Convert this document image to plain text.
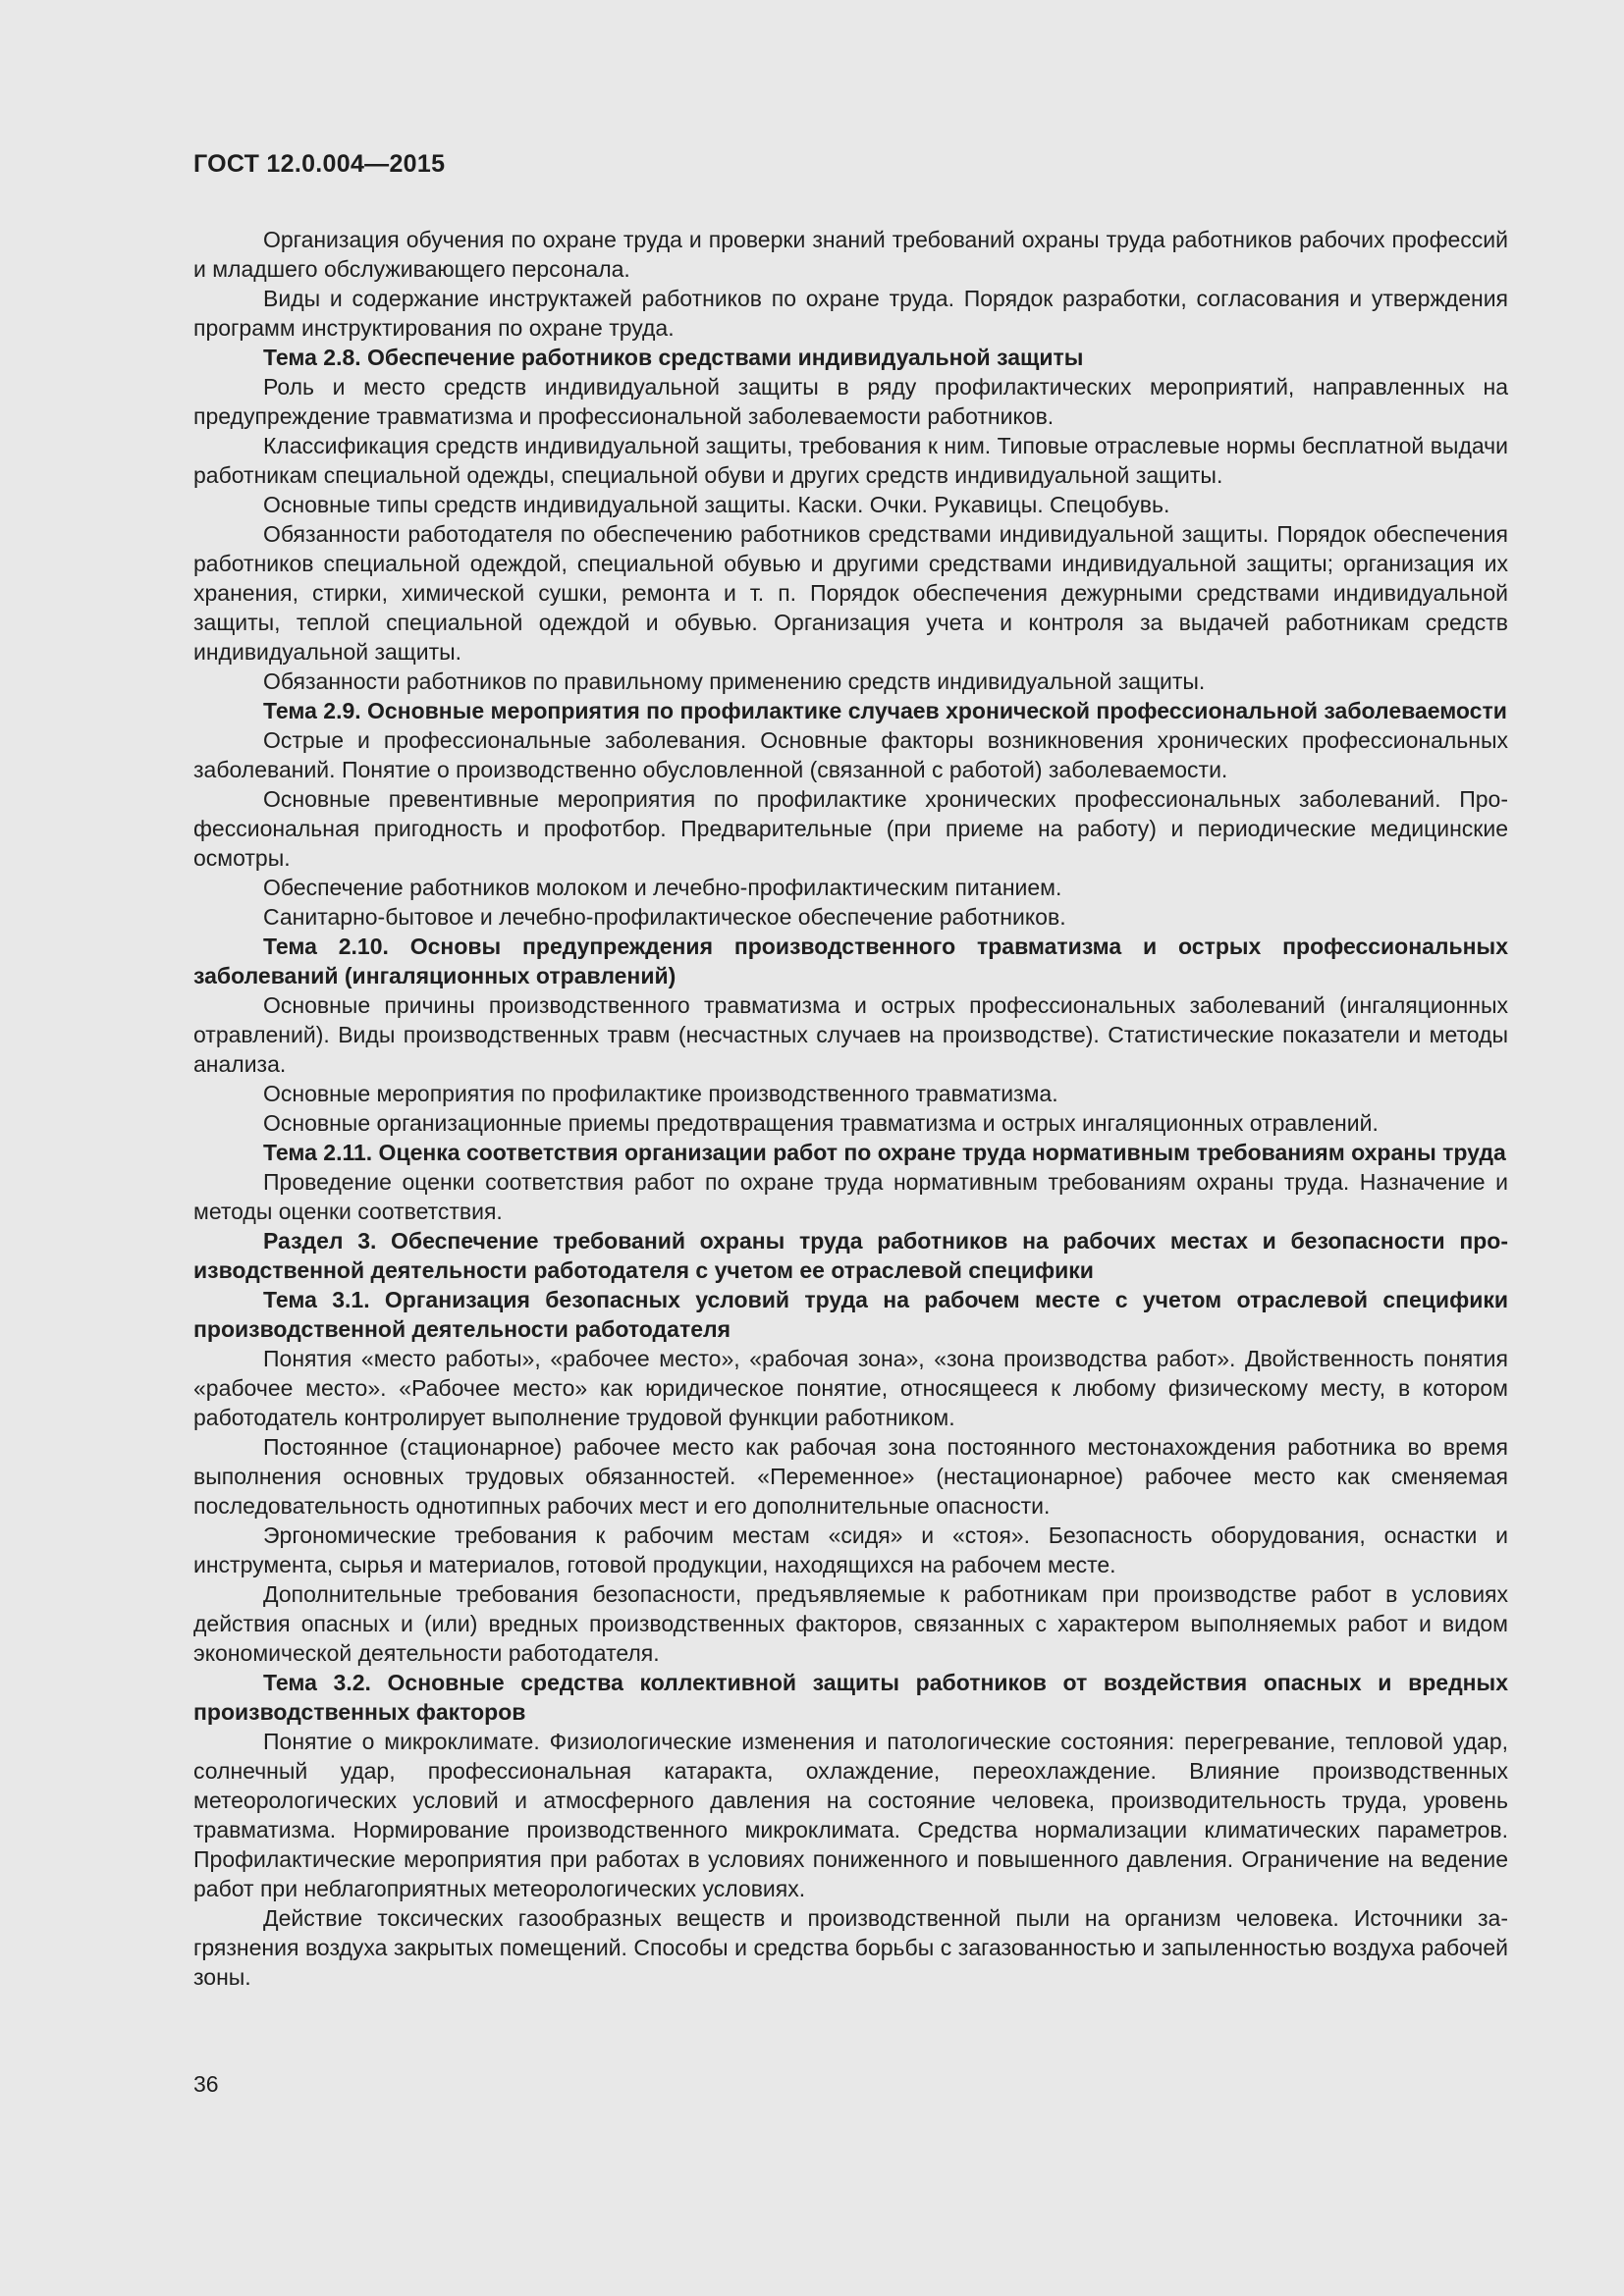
ГОСТ 12.0.004—2015

Организация обучения по охране труда и проверки знаний требований охраны труда работников рабочих профессий и младшего обслуживающего персонала.

Виды и содержание инструктажей работников по охране труда. Порядок разработки, согласования и утверждения программ инструктирования по охране труда.

Тема 2.8. Обеспечение работников средствами индивидуальной защиты

Роль и место средств индивидуальной защиты в ряду профилактических мероприятий, направленных на предупреждение травматизма и профессиональной заболеваемости работников.

Классификация средств индивидуальной защиты, требования к ним. Типовые отраслевые нормы бесплатной выдачи работникам специальной одежды, специальной обуви и других средств индивидуальной защиты.

Основные типы средств индивидуальной защиты. Каски. Очки. Рукавицы. Спецобувь.

Обязанности работодателя по обеспечению работников средствами индивидуальной защиты. Порядок обеспечения работников специальной одеждой, специальной обувью и другими средствами индивидуальной защиты; организация их хранения, стирки, химической сушки, ремонта и т. п. Порядок обеспечения дежурными средствами индивидуальной защиты, теплой специальной одеждой и обувью. Организация учета и контроля за выдачей работникам средств индивидуальной защиты.

Обязанности работников по правильному применению средств индивидуальной защиты.

Тема 2.9. Основные мероприятия по профилактике случаев хронической профессиональной заболеваемости

Острые и профессиональные заболевания. Основные факторы возникновения хронических профессиональных заболеваний. Понятие о производственно обусловленной (связанной с работой) заболеваемости.

Основные превентивные мероприятия по профилактике хронических профессиональных заболеваний. Профессиональная пригодность и профотбор. Предварительные (при приеме на работу) и периодические медицинские осмотры.

Обеспечение работников молоком и лечебно-профилактическим питанием.

Санитарно-бытовое и лечебно-профилактическое обеспечение работников.

Тема 2.10. Основы предупреждения производственного травматизма и острых профессиональных заболеваний (ингаляционных отравлений)

Основные причины производственного травматизма и острых профессиональных заболеваний (ингаляционных отравлений). Виды производственных травм (несчастных случаев на производстве). Статистические показатели и методы анализа.

Основные мероприятия по профилактике производственного травматизма.

Основные организационные приемы предотвращения травматизма и острых ингаляционных отравлений.

Тема 2.11. Оценка соответствия организации работ по охране труда нормативным требованиям охраны труда

Проведение оценки соответствия работ по охране труда нормативным требованиям охраны труда. Назначение и методы оценки соответствия.

Раздел 3. Обеспечение требований охраны труда работников на рабочих местах и безопасности производственной деятельности работодателя с учетом ее отраслевой специфики

Тема 3.1. Организация безопасных условий труда на рабочем месте с учетом отраслевой специфики производственной деятельности работодателя

Понятия «место работы», «рабочее место», «рабочая зона», «зона производства работ». Двойственность понятия «рабочее место». «Рабочее место» как юридическое понятие, относящееся к любому физическому месту, в котором работодатель контролирует выполнение трудовой функции работником.

Постоянное (стационарное) рабочее место как рабочая зона постоянного местонахождения работника во время выполнения основных трудовых обязанностей. «Переменное» (нестационарное) рабочее место как сменяемая последовательность однотипных рабочих мест и его дополнительные опасности.

Эргономические требования к рабочим местам «сидя» и «стоя». Безопасность оборудования, оснастки и инструмента, сырья и материалов, готовой продукции, находящихся на рабочем месте.

Дополнительные требования безопасности, предъявляемые к работникам при производстве работ в условиях действия опасных и (или) вредных производственных факторов, связанных с характером выполняемых работ и видом экономической деятельности работодателя.

Тема 3.2. Основные средства коллективной защиты работников от воздействия опасных и вредных производственных факторов

Понятие о микроклимате. Физиологические изменения и патологические состояния: перегревание, тепловой удар, солнечный удар, профессиональная катаракта, охлаждение, переохлаждение. Влияние производственных метеорологических условий и атмосферного давления на состояние человека, производительность труда, уровень травматизма. Нормирование производственного микроклимата. Средства нормализации климатических параметров. Профилактические мероприятия при работах в условиях пониженного и повышенного давления. Ограничение на ведение работ при неблагоприятных метеорологических условиях.

Действие токсических газообразных веществ и производственной пыли на организм человека. Источники загрязнения воздуха закрытых помещений. Способы и средства борьбы с загазованностью и запыленностью воздуха рабочей зоны.

36
